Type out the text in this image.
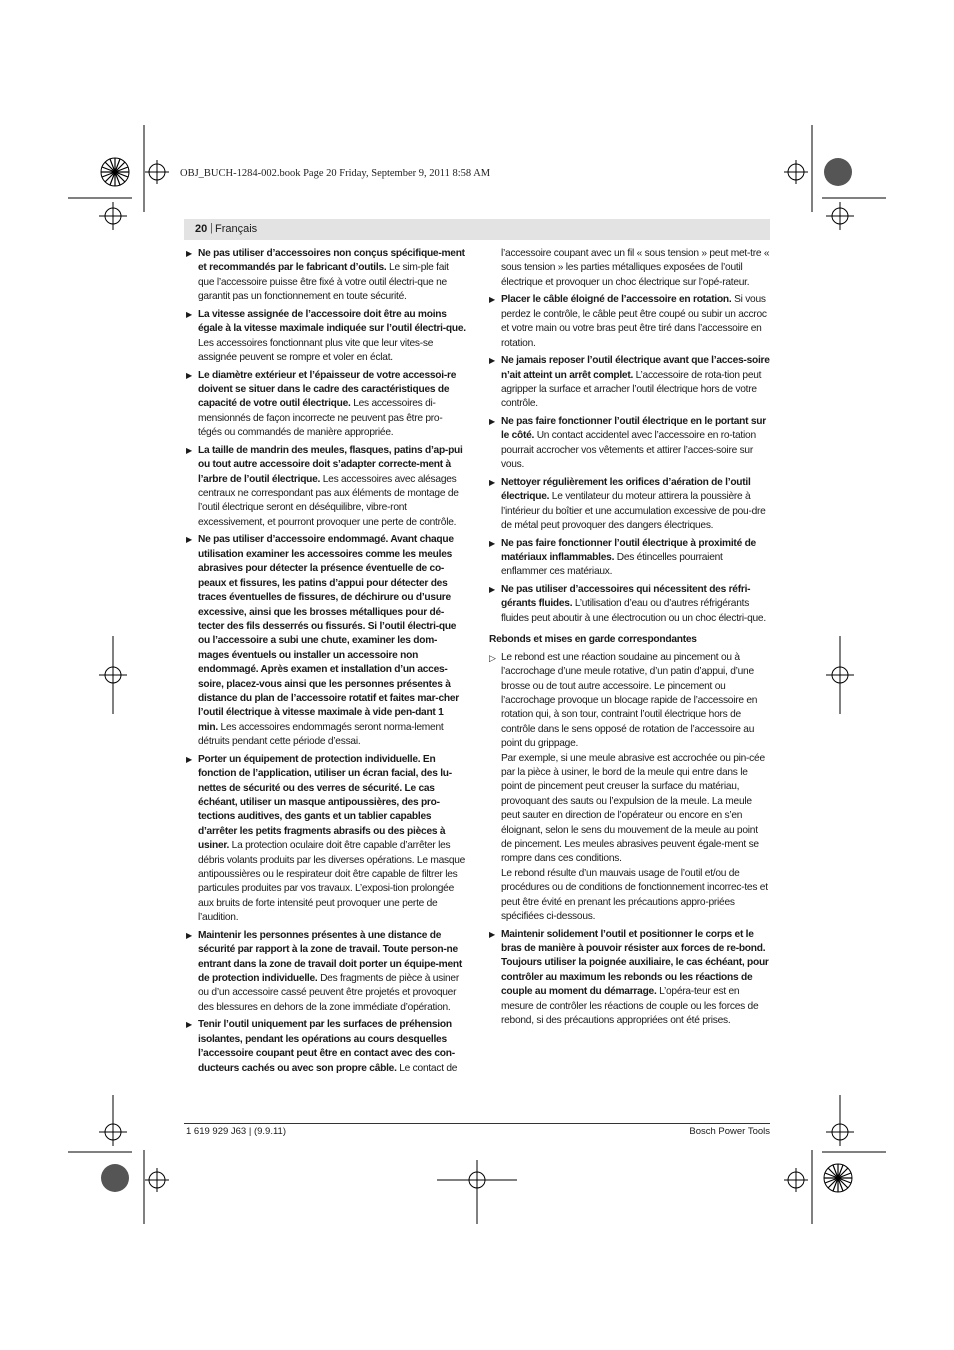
OBJ_BUCH-1284-002.book Page 20 Friday, September 9, 2011 8:58 AM
20 | Français
▶ Ne pas utiliser d’accessoires non conçus spécifique-ment et recommandés par le fabricant d’outils. Le sim-ple fait que l’accessoire puisse être fixé à votre outil électri-que ne garantit pas un fonctionnement en toute sécurité.
▶ La vitesse assignée de l’accessoire doit être au moins égale à la vitesse maximale indiquée sur l’outil électri-que. Les accessoires fonctionnant plus vite que leur vites-se assignée peuvent se rompre et voler en éclat.
▶ Le diamètre extérieur et l’épaisseur de votre accessoi-re doivent se situer dans le cadre des caractéristiques de capacité de votre outil électrique. Les accessoires di-mensionnés de façon incorrecte ne peuvent pas être pro-tégés ou commandés de manière appropriée.
▶ La taille de mandrin des meules, flasques, patins d’ap-pui ou tout autre accessoire doit s’adapter correcte-ment à l’arbre de l’outil électrique. Les accessoires avec alésages centraux ne correspondant pas aux éléments de montage de l’outil électrique seront en déséquilibre, vibre-ront excessivement, et pourront provoquer une perte de contrôle.
▶ Ne pas utiliser d’accessoire endommagé. Avant chaque utilisation examiner les accessoires comme les meules abrasives pour détecter la présence éventuelle de co-peaux et fissures, les patins d’appui pour détecter des traces éventuelles de fissures, de déchirure ou d’usure excessive, ainsi que les brosses métalliques pour dé-tecter des fils desserrés ou fissurés. Si l’outil électri-que ou l’accessoire a subi une chute, examiner les dom-mages éventuels ou installer un accessoire non endommagé. Après examen et installation d’un acces-soire, placez-vous ainsi que les personnes présentes à distance du plan de l’accessoire rotatif et faites mar-cher l’outil électrique à vitesse maximale à vide pen-dant 1 min. Les accessoires endommagés seront norma-lement détruits pendant cette période d’essai.
▶ Porter un équipement de protection individuelle. En fonction de l’application, utiliser un écran facial, des lu-nettes de sécurité ou des verres de sécurité. Le cas échéant, utiliser un masque antipoussières, des pro-tections auditives, des gants et un tablier capables d’arrêter les petits fragments abrasifs ou des pièces à usiner. La protection oculaire doit être capable d’arrêter les débris volants produits par les diverses opérations. Le masque antipoussières ou le respirateur doit être capable de filtrer les particules produites par vos travaux. L’exposi-tion prolongée aux bruits de forte intensité peut provoquer une perte de l’audition.
▶ Maintenir les personnes présentes à une distance de sécurité par rapport à la zone de travail. Toute person-ne entrant dans la zone de travail doit porter un équipe-ment de protection individuelle. Des fragments de pièce à usiner ou d’un accessoire cassé peuvent être projetés et provoquer des blessures en dehors de la zone immédiate d’opération.
▶ Tenir l’outil uniquement par les surfaces de préhension isolantes, pendant les opérations au cours desquelles l’accessoire coupant peut être en contact avec des con-ducteurs cachés ou avec son propre câble. Le contact de
l’accessoire coupant avec un fil « sous tension » peut met-tre « sous tension » les parties métalliques exposées de l’outil électrique et provoquer un choc électrique sur l’opé-rateur.
▶ Placer le câble éloigné de l’accessoire en rotation. Si vous perdez le contrôle, le câble peut être coupé ou subir un accroc et votre main ou votre bras peut être tiré dans l’accessoire en rotation.
▶ Ne jamais reposer l’outil électrique avant que l’acces-soire n’ait atteint un arrêt complet. L’accessoire de rota-tion peut agripper la surface et arracher l’outil électrique hors de votre contrôle.
▶ Ne pas faire fonctionner l’outil électrique en le portant sur le côté. Un contact accidentel avec l’accessoire en ro-tation pourrait accrocher vos vêtements et attirer l’acces-soire sur vous.
▶ Nettoyer régulièrement les orifices d’aération de l’outil électrique. Le ventilateur du moteur attirera la poussière à l’intérieur du boîtier et une accumulation excessive de pou-dre de métal peut provoquer des dangers électriques.
▶ Ne pas faire fonctionner l’outil électrique à proximité de matériaux inflammables. Des étincelles pourraient enflammer ces matériaux.
▶ Ne pas utiliser d’accessoires qui nécessitent des réfri-gérants fluides. L’utilisation d’eau ou d’autres réfrigérants fluides peut aboutir à une électrocution ou un choc électri-que.
Rebonds et mises en garde correspondantes
▷ Le rebond est une réaction soudaine au pincement ou à l’accrochage d’une meule rotative, d’un patin d’appui, d’une brosse ou de tout autre accessoire. Le pincement ou l’accrochage provoque un blocage rapide de l’accessoire en rotation qui, à son tour, contraint l’outil électrique hors de contrôle dans le sens opposé de rotation de l’accessoire au point du grippage.
Par exemple, si une meule abrasive est accrochée ou pin-cée par la pièce à usiner, le bord de la meule qui entre dans le point de pincement peut creuser la surface du matériau, provoquant des sauts ou l’expulsion de la meule. La meule peut sauter en direction de l’opérateur ou encore en s’en éloignant, selon le sens du mouvement de la meule au point de pincement. Les meules abrasives peuvent égale-ment se rompre dans ces conditions.
Le rebond résulte d’un mauvais usage de l’outil et/ou de procédures ou de conditions de fonctionnement incorrec-tes et peut être évité en prenant les précautions appro-priées spécifiées ci-dessous.
▶ Maintenir solidement l’outil et positionner le corps et le bras de manière à pouvoir résister aux forces de re-bond. Toujours utiliser la poignée auxiliaire, le cas échéant, pour contrôler au maximum les rebonds ou les réactions de couple au moment du démarrage. L’opéra-teur est en mesure de contrôler les réactions de couple ou les forces de rebond, si des précautions appropriées ont été prises.
1 619 929 J63 | (9.9.11)	Bosch Power Tools
